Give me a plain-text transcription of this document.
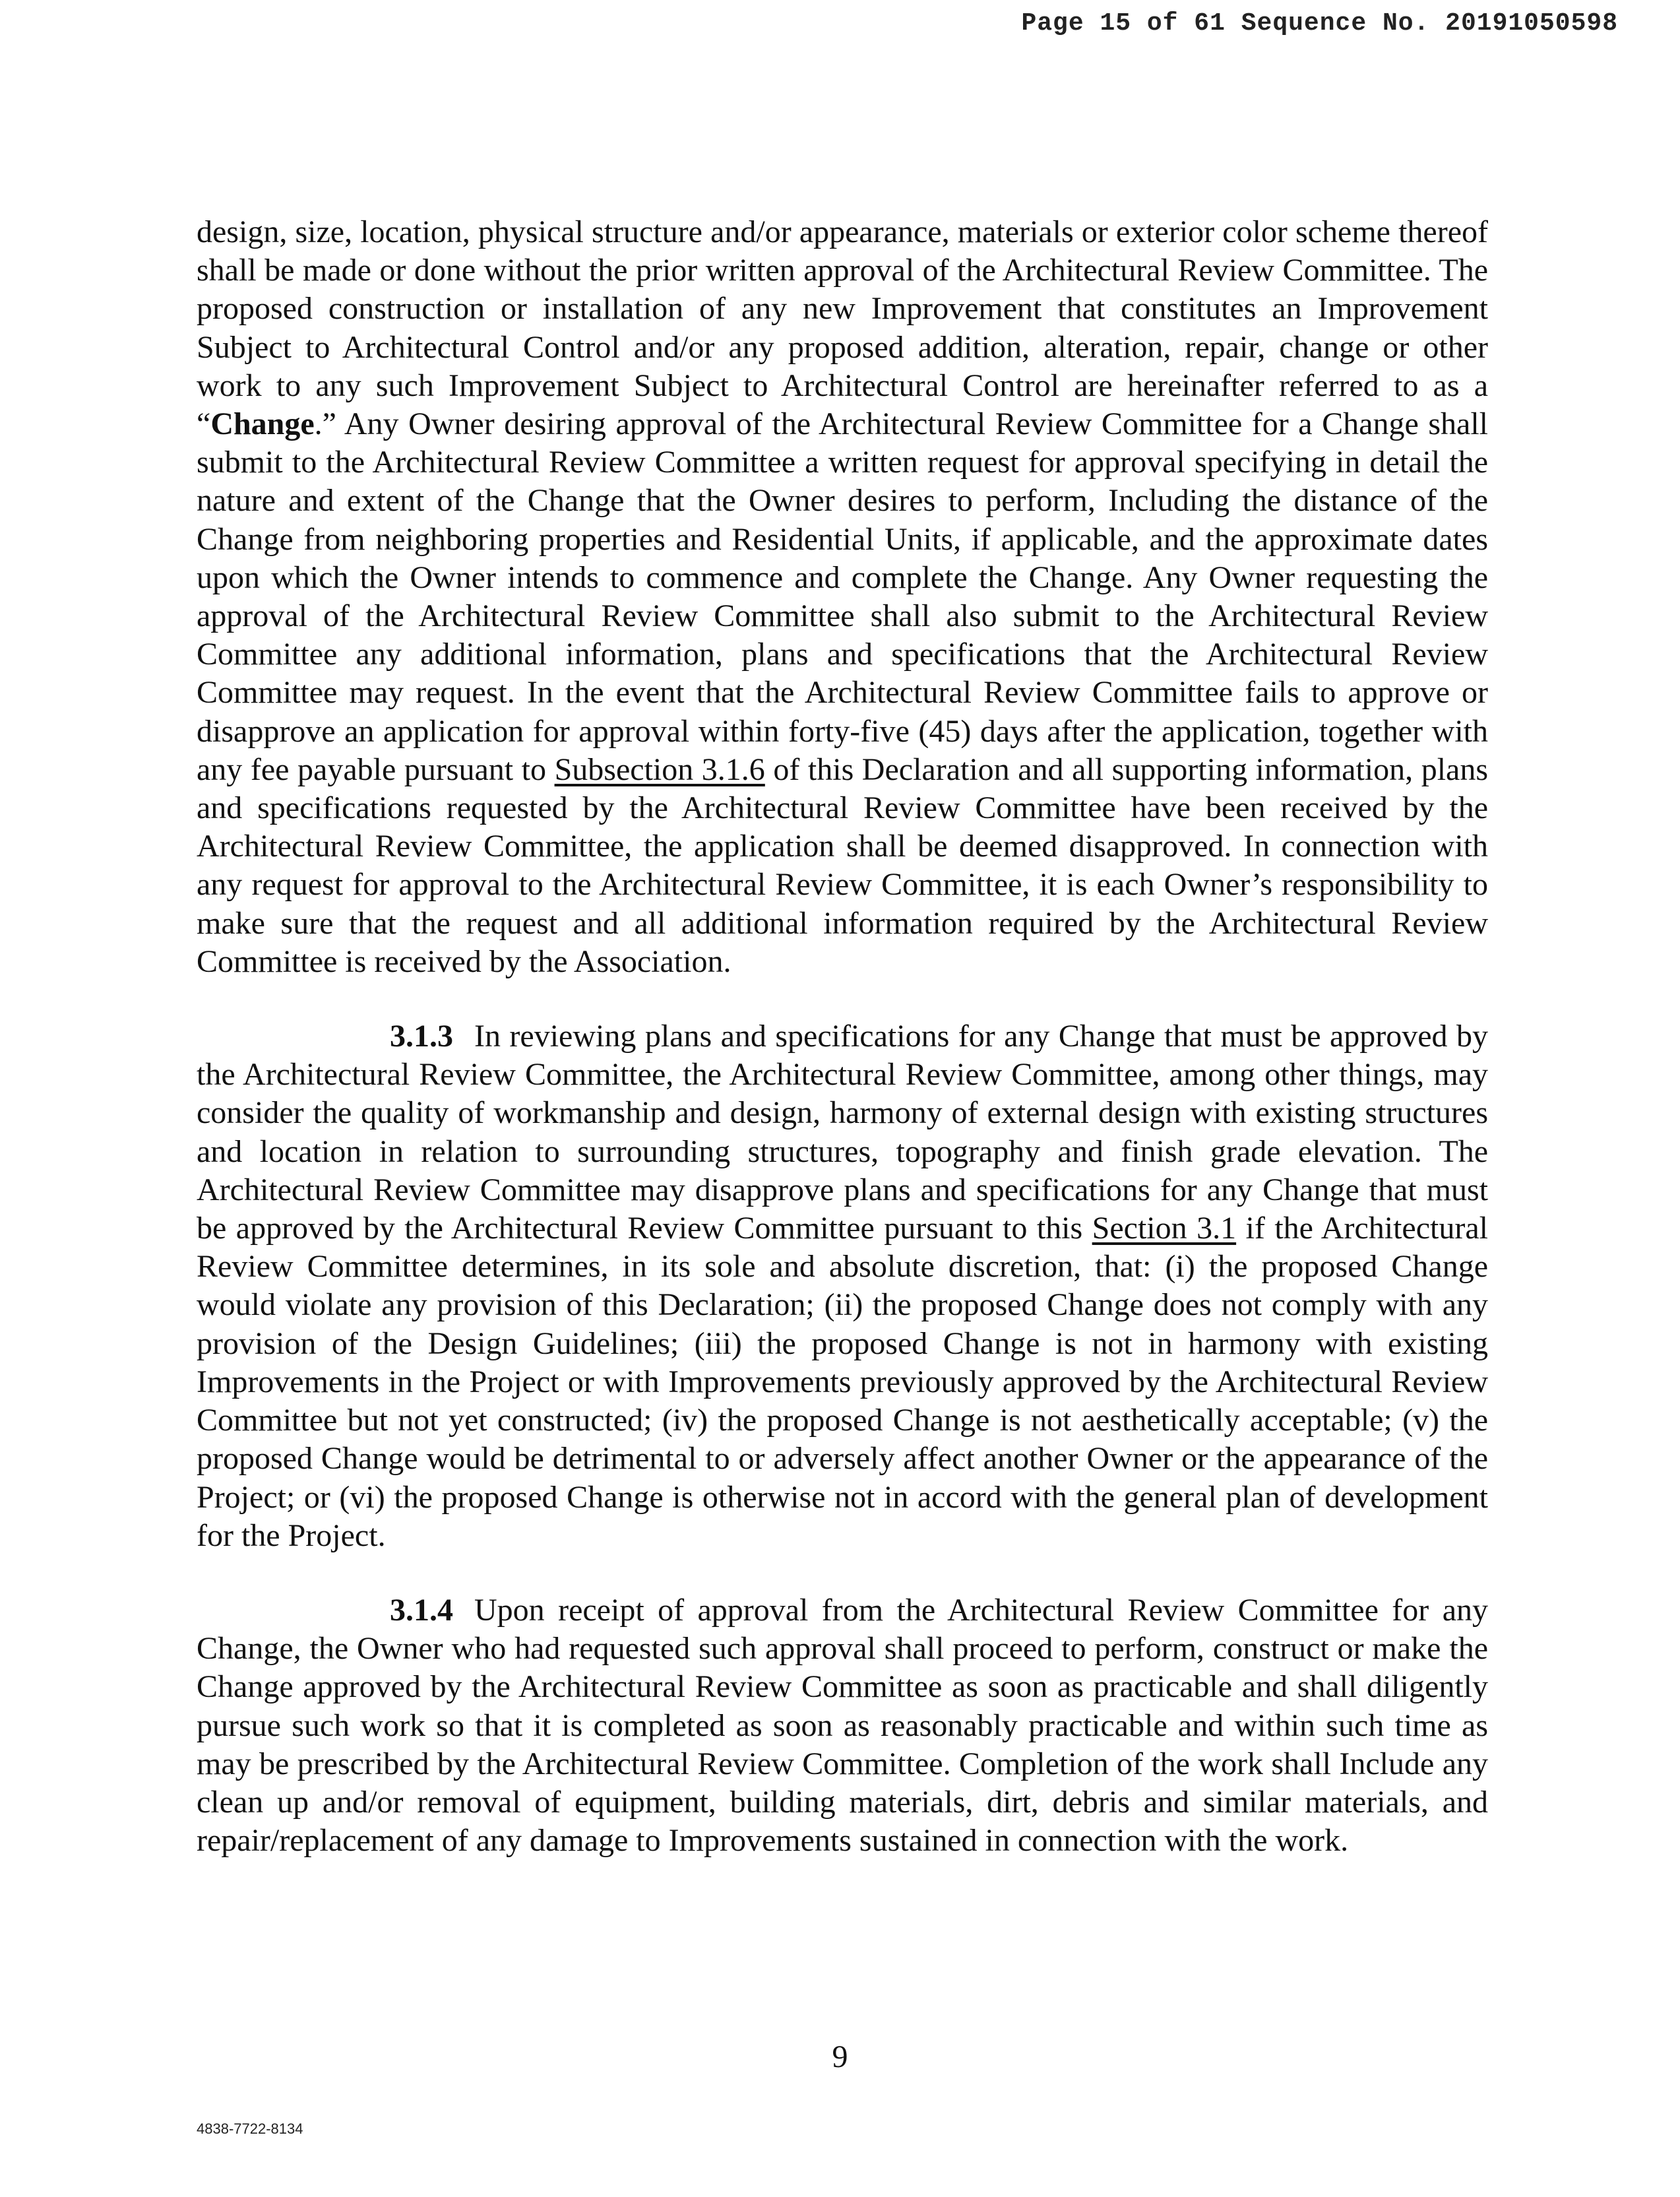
Page 15 of 61 Sequence No. 20191050598

design, size, location, physical structure and/or appearance, materials or exterior color scheme thereof shall be made or done without the prior written approval of the Architectural Review Committee. The proposed construction or installation of any new Improvement that constitutes an Improvement Subject to Architectural Control and/or any proposed addition, alteration, repair, change or other work to any such Improvement Subject to Architectural Control are hereinafter referred to as a “Change.” Any Owner desiring approval of the Architectural Review Committee for a Change shall submit to the Architectural Review Committee a written request for approval specifying in detail the nature and extent of the Change that the Owner desires to perform, Including the distance of the Change from neighboring properties and Residential Units, if applicable, and the approximate dates upon which the Owner intends to commence and complete the Change. Any Owner requesting the approval of the Architectural Review Committee shall also submit to the Architectural Review Committee any additional information, plans and specifications that the Architectural Review Committee may request. In the event that the Architectural Review Committee fails to approve or disapprove an application for approval within forty-five (45) days after the application, together with any fee payable pursuant to Subsection 3.1.6 of this Declaration and all supporting information, plans and specifications requested by the Architectural Review Committee have been received by the Architectural Review Committee, the application shall be deemed disapproved. In connection with any request for approval to the Architectural Review Committee, it is each Owner’s responsibility to make sure that the request and all additional information required by the Architectural Review Committee is received by the Association.

3.1.3 In reviewing plans and specifications for any Change that must be approved by the Architectural Review Committee, the Architectural Review Committee, among other things, may consider the quality of workmanship and design, harmony of external design with existing structures and location in relation to surrounding structures, topography and finish grade elevation. The Architectural Review Committee may disapprove plans and specifications for any Change that must be approved by the Architectural Review Committee pursuant to this Section 3.1 if the Architectural Review Committee determines, in its sole and absolute discretion, that: (i) the proposed Change would violate any provision of this Declaration; (ii) the proposed Change does not comply with any provision of the Design Guidelines; (iii) the proposed Change is not in harmony with existing Improvements in the Project or with Improvements previously approved by the Architectural Review Committee but not yet constructed; (iv) the proposed Change is not aesthetically acceptable; (v) the proposed Change would be detrimental to or adversely affect another Owner or the appearance of the Project; or (vi) the proposed Change is otherwise not in accord with the general plan of development for the Project.

3.1.4 Upon receipt of approval from the Architectural Review Committee for any Change, the Owner who had requested such approval shall proceed to perform, construct or make the Change approved by the Architectural Review Committee as soon as practicable and shall diligently pursue such work so that it is completed as soon as reasonably practicable and within such time as may be prescribed by the Architectural Review Committee. Completion of the work shall Include any clean up and/or removal of equipment, building materials, dirt, debris and similar materials, and repair/replacement of any damage to Improvements sustained in connection with the work.

9
4838-7722-8134
